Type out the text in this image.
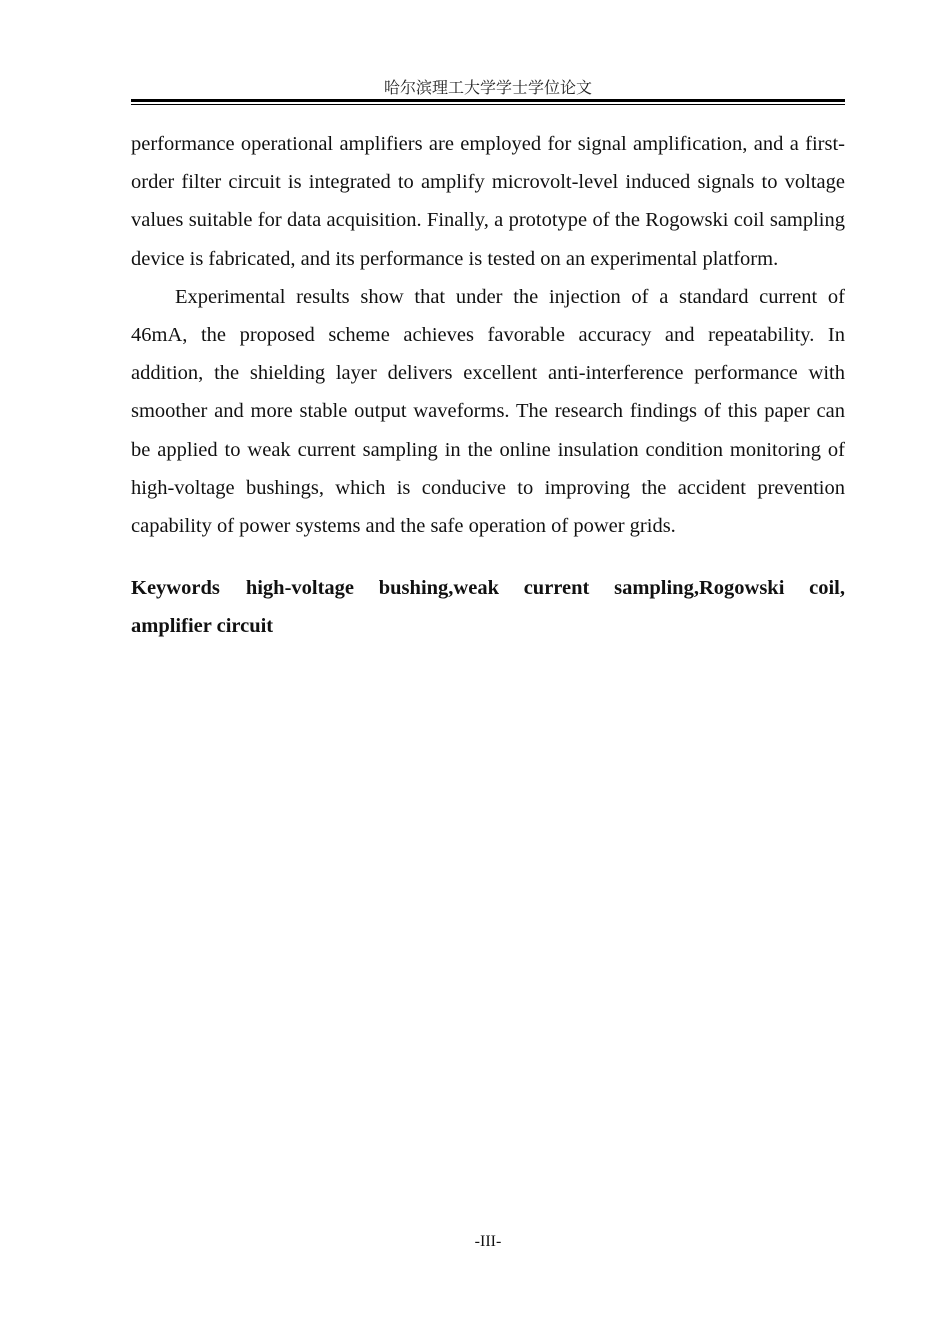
哈尔滨理工大学学士学位论文

performance operational amplifiers are employed for signal amplification, and a first-order filter circuit is integrated to amplify microvolt-level induced signals to voltage values suitable for data acquisition. Finally, a prototype of the Rogowski coil sampling device is fabricated, and its performance is tested on an experimental platform.

Experimental results show that under the injection of a standard current of 46mA, the proposed scheme achieves favorable accuracy and repeatability. In addition, the shielding layer delivers excellent anti-interference performance with smoother and more stable output waveforms. The research findings of this paper can be applied to weak current sampling in the online insulation condition monitoring of high-voltage bushings, which is conducive to improving the accident prevention capability of power systems and the safe operation of power grids.

Keywords high-voltage bushing,weak current sampling,Rogowski coil, amplifier circuit

-III-
